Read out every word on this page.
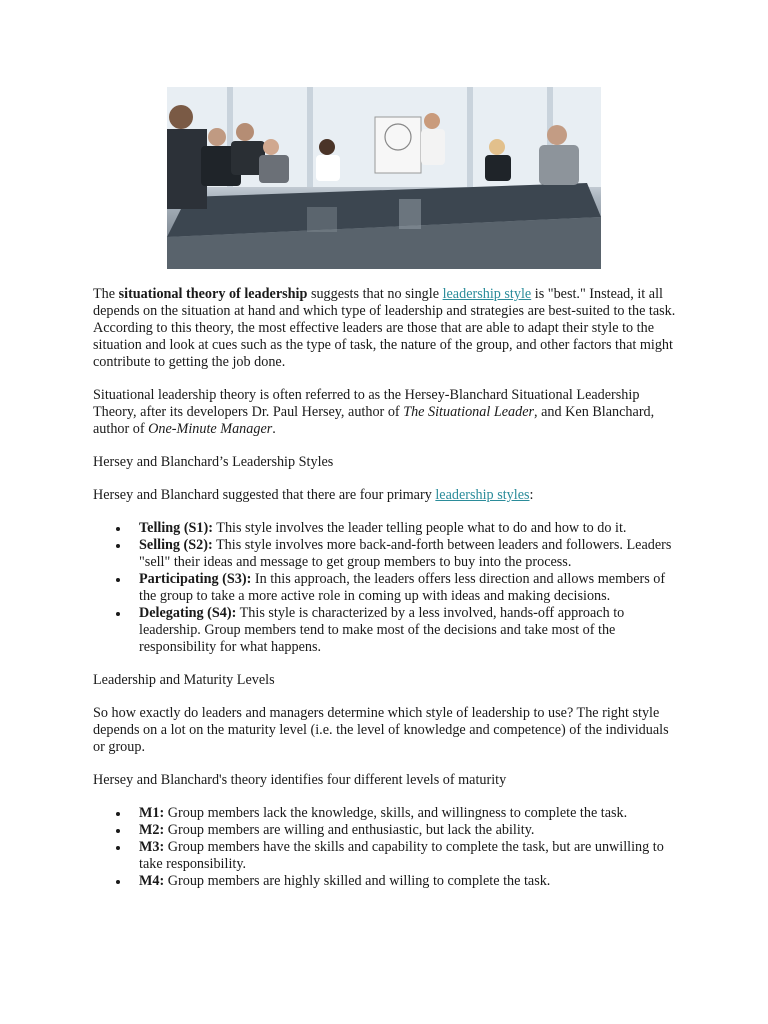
The situational theory of leadership suggests that no single leadership style is "best." Instead, it all depends on the situation at hand and which type of leadership and strategies are best-suited to the task. According to this theory, the most effective leaders are those that are able to adapt their style to the situation and look at cues such as the type of task, the nature of the group, and other factors that might contribute to getting the job done.

Situational leadership theory is often referred to as the Hersey-Blanchard Situational Leadership Theory, after its developers Dr. Paul Hersey, author of The Situational Leader, and Ken Blanchard, author of One-Minute Manager.

Hersey and Blanchard’s Leadership Styles

Hersey and Blanchard suggested that there are four primary leadership styles:

Telling (S1): This style involves the leader telling people what to do and how to do it.
Selling (S2): This style involves more back-and-forth between leaders and followers. Leaders "sell" their ideas and message to get group members to buy into the process.
Participating (S3): In this approach, the leaders offers less direction and allows members of the group to take a more active role in coming up with ideas and making decisions.
Delegating (S4): This style is characterized by a less involved, hands-off approach to leadership. Group members tend to make most of the decisions and take most of the responsibility for what happens.

Leadership and Maturity Levels

So how exactly do leaders and managers determine which style of leadership to use? The right style depends on a lot on the maturity level (i.e. the level of knowledge and competence) of the individuals or group.

Hersey and Blanchard's theory identifies four different levels of maturity

M1: Group members lack the knowledge, skills, and willingness to complete the task.
M2: Group members are willing and enthusiastic, but lack the ability.
M3: Group members have the skills and capability to complete the task, but are unwilling to take responsibility.
M4: Group members are highly skilled and willing to complete the task.
